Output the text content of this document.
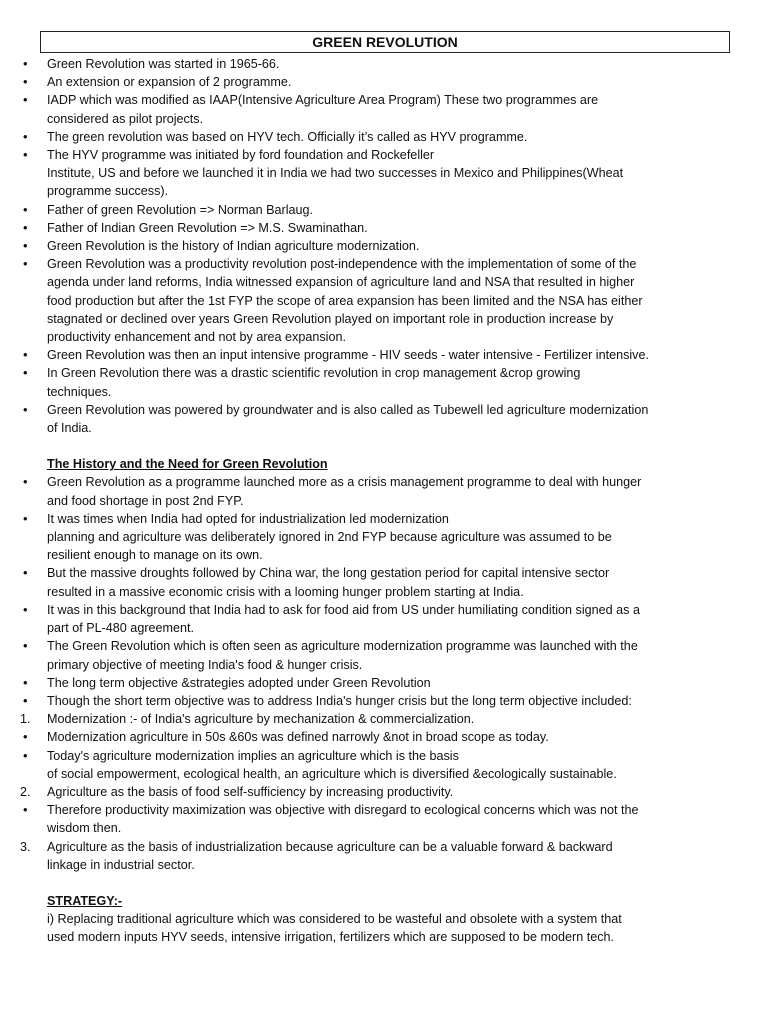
GREEN REVOLUTION
•	Green Revolution was started in 1965-66.
•	An extension or expansion of 2 programme.
•	IADP which was modified as IAAP(Intensive Agriculture Area Program) These two programmes are
considered as pilot projects.
•	The green revolution was based on HYV tech. Officially it’s called as HYV programme.
•	The HYV programme was initiated by ford foundation and Rockefeller
Institute, US and before we launched it in India we had two successes in Mexico and Philippines(Wheat
programme success).
•	Father of green Revolution => Norman Barlaug.
•	Father of Indian Green Revolution => M.S. Swaminathan.
•	Green Revolution is the history of Indian agriculture modernization.
•	Green Revolution was a productivity revolution post-independence with the implementation of some of the
agenda under land reforms, India witnessed expansion of agriculture land and NSA that resulted in higher
food production but after the 1st FYP the scope of area expansion has been limited and the NSA has either
stagnated or declined over years Green Revolution played on important role in production increase by
productivity enhancement and not by area expansion.
•	Green Revolution was then an input intensive programme - HIV seeds - water intensive - Fertilizer intensive.
•	In Green Revolution there was a drastic scientific revolution in crop management &crop growing
techniques.
•	Green Revolution was powered by groundwater and is also called as Tubewell led agriculture modernization
of India.
The History and the Need for Green Revolution
•	Green Revolution as a programme launched more as a crisis management programme to deal with hunger
and food shortage in post 2nd FYP.
•	It was times when India had opted for industrialization led modernization
planning and agriculture was deliberately ignored in 2nd FYP because agriculture was assumed to be
resilient enough to manage on its own.
•	But the massive droughts followed by China war, the long gestation period for capital intensive sector
resulted in a massive economic crisis with a looming hunger problem starting at India.
•	It was in this background that India had to ask for food aid from US under humiliating condition signed as a
part of PL-480 agreement.
•	The Green Revolution which is often seen as agriculture modernization programme was launched with the
primary objective of meeting India's food & hunger crisis.
•	The long term objective &strategies adopted under Green Revolution
•	Though the short term objective was to address India's hunger crisis but the long term objective included:
1.	Modernization :- of India's agriculture by mechanization & commercialization.
•	Modernization agriculture in 50s &60s was defined narrowly &not in broad scope as today.
•	Today's agriculture modernization implies an agriculture which is the basis
of social empowerment, ecological health, an agriculture which is diversified &ecologically sustainable.
2.	Agriculture as the basis of food self-sufficiency by increasing productivity.
•	Therefore productivity maximization was objective with disregard to ecological concerns which was not the
wisdom then.
3.	Agriculture as the basis of industrialization because agriculture can be a valuable forward & backward
linkage in industrial sector.
STRATEGY:-
i) Replacing traditional agriculture which was considered to be wasteful and obsolete with a system that
used modern inputs HYV seeds, intensive irrigation, fertilizers which are supposed to be modern tech.
